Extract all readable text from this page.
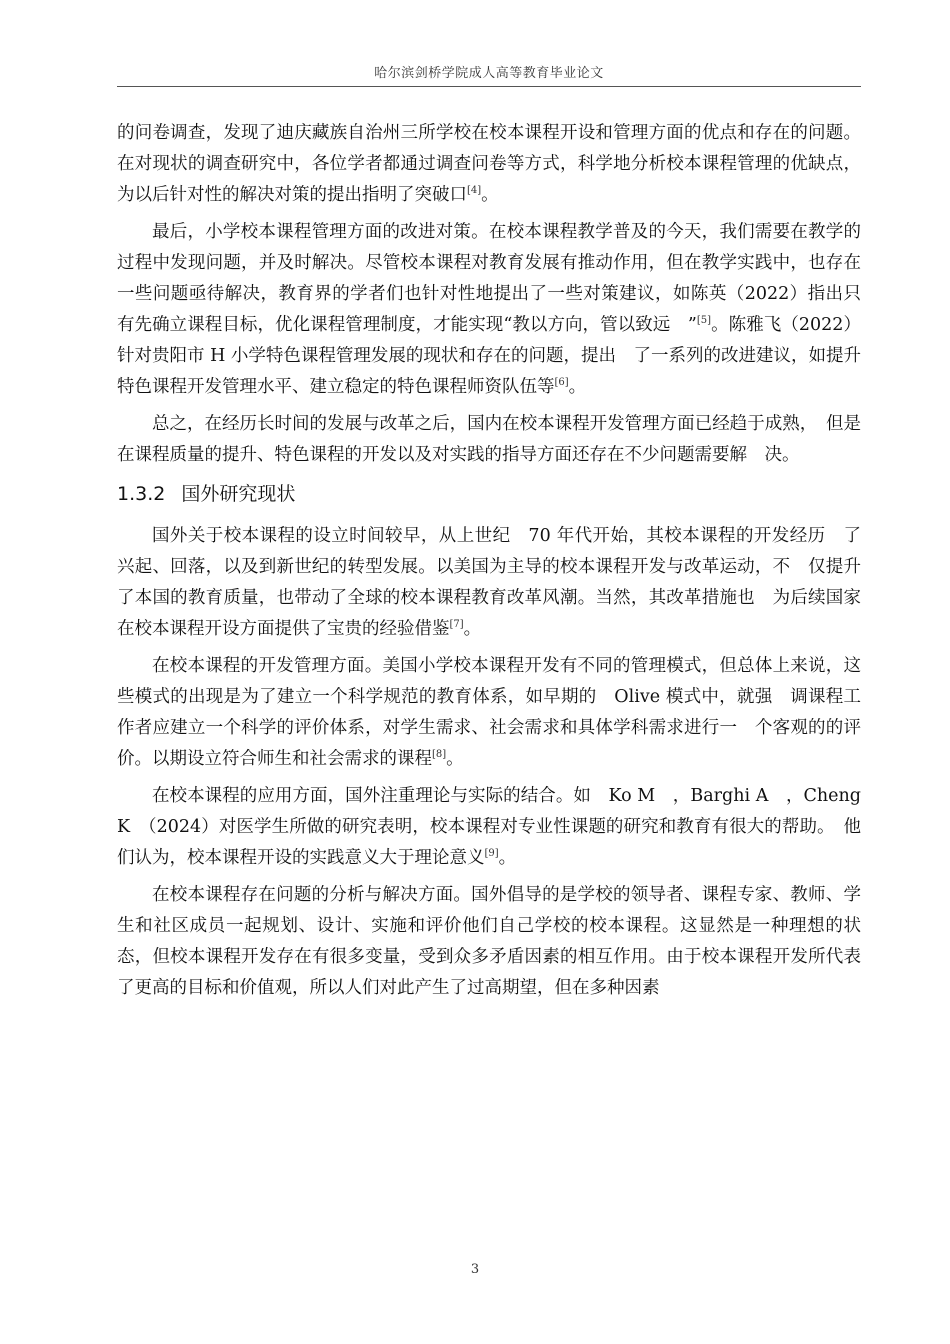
哈尔滨剑桥学院成人高等教育毕业论文

的问卷调查，发现了迪庆藏族自治州三所学校在校本课程开设和管理方面的优点和存在的问题。在对现状的调查研究中，各位学者都通过调查问卷等方式，科学地分析校本课程管理的优缺点，为以后针对性的解决对策的提出指明了突破口[4]。

最后，小学校本课程管理方面的改进对策。在校本课程教学普及的今天，我们需要在教学的过程中发现问题，并及时解决。尽管校本课程对教育发展有推动作用，但在教学实践中，也存在一些问题亟待解决，教育界的学者们也针对性地提出了一些对策建议，如陈英（2022）指出只有先确立课程目标，优化课程管理制度，才能实现“教以方向，管以致远　”[5]。陈雅飞（2022）针对贵阳市 H 小学特色课程管理发展的现状和存在的问题，提出　了一系列的改进建议，如提升特色课程开发管理水平、建立稳定的特色课程师资队伍等[6]。

总之，在经历长时间的发展与改革之后，国内在校本课程开发管理方面已经趋于成熟，　但是在课程质量的提升、特色课程的开发以及对实践的指导方面还存在不少问题需要解　决。

1.3.2 国外研究现状

国外关于校本课程的设立时间较早，从上世纪　70 年代开始，其校本课程的开发经历　了兴起、回落，以及到新世纪的转型发展。以美国为主导的校本课程开发与改革运动，不　仅提升了本国的教育质量，也带动了全球的校本课程教育改革风潮。当然，其改革措施也　为后续国家在校本课程开设方面提供了宝贵的经验借鉴[7]。

在校本课程的开发管理方面。美国小学校本课程开发有不同的管理模式，但总体上来说，这些模式的出现是为了建立一个科学规范的教育体系，如早期的　Olive 模式中，就强　调课程工作者应建立一个科学的评价体系，对学生需求、社会需求和具体学科需求进行一　个客观的的评价。以期设立符合师生和社会需求的课程[8]。

在校本课程的应用方面，国外注重理论与实际的结合。如　Ko M　，Barghi A　，Cheng K　（2024）对医学生所做的研究表明，校本课程对专业性课题的研究和教育有很大的帮助。　他们认为，校本课程开设的实践意义大于理论意义[9]。

在校本课程存在问题的分析与解决方面。国外倡导的是学校的领导者、课程专家、教师、学生和社区成员一起规划、设计、实施和评价他们自己学校的校本课程。这显然是一种理想的状态，但校本课程开发存在有很多变量，受到众多矛盾因素的相互作用。由于校本课程开发所代表了更高的目标和价值观，所以人们对此产生了过高期望，但在多种因素

3
